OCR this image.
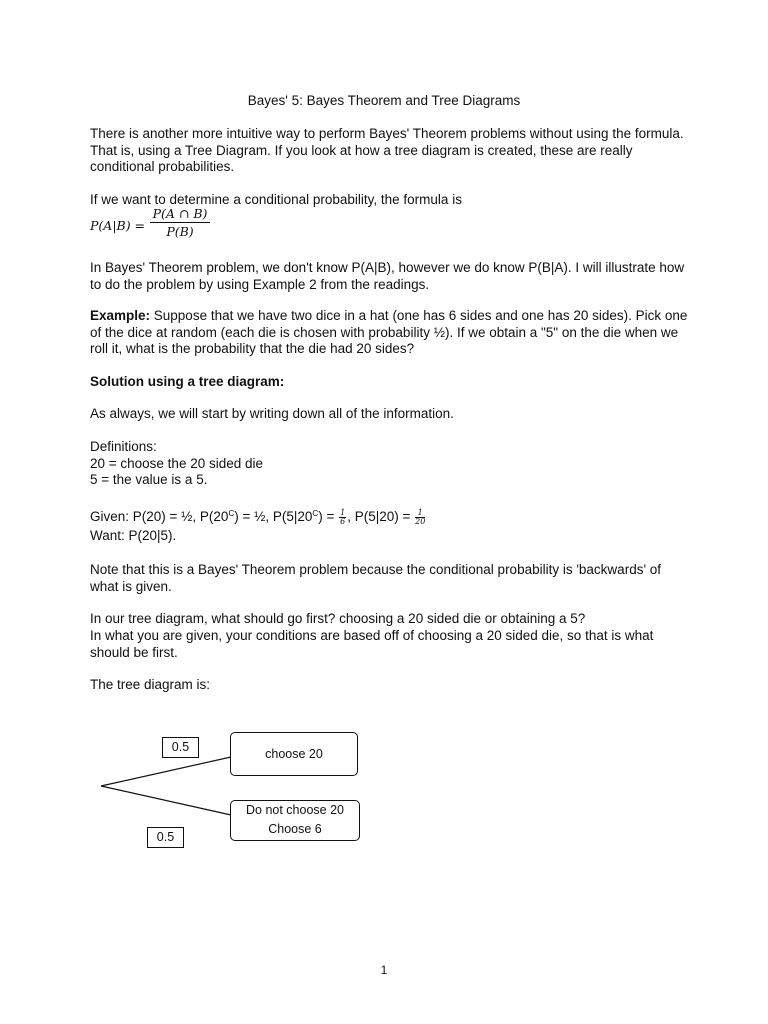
Bayes' 5: Bayes Theorem and Tree Diagrams

There is another more intuitive way to perform Bayes' Theorem problems without using the formula. That is, using a Tree Diagram. If you look at how a tree diagram is created, these are really conditional probabilities.

If we want to determine a conditional probability, the formula is

$P(A|B) = \frac{P(A \cap B)}{P(B)}$

In Bayes' Theorem problem, we don't know P(A|B), however we do know P(B|A). I will illustrate how to do the problem by using Example 2 from the readings.

Example: Suppose that we have two dice in a hat (one has 6 sides and one has 20 sides). Pick one of the dice at random (each die is chosen with probability ½). If we obtain a "5" on the die when we roll it, what is the probability that the die had 20 sides?

Solution using a tree diagram:

As always, we will start by writing down all of the information.

Definitions:

20 = choose the 20 sided die

5 = the value is a 5.

Given: P(20) = ½, $P(20^C)$ = ½, $P(5|20^C) = \frac{1}{6}$ , $P(5|20) = \frac{1}{20}$

Want: P(20|5).

Note that this is a Bayes' Theorem problem because the conditional probability is 'backwards' of what is given.

In our tree diagram, what should go first? choosing a 20 sided die or obtaining a 5?

In what you are given, your conditions are based off of choosing a 20 sided die, so that is what should be first.

The tree diagram is:

0.5
0.5
choose 20
Do not choose 20
Choose 6
1
